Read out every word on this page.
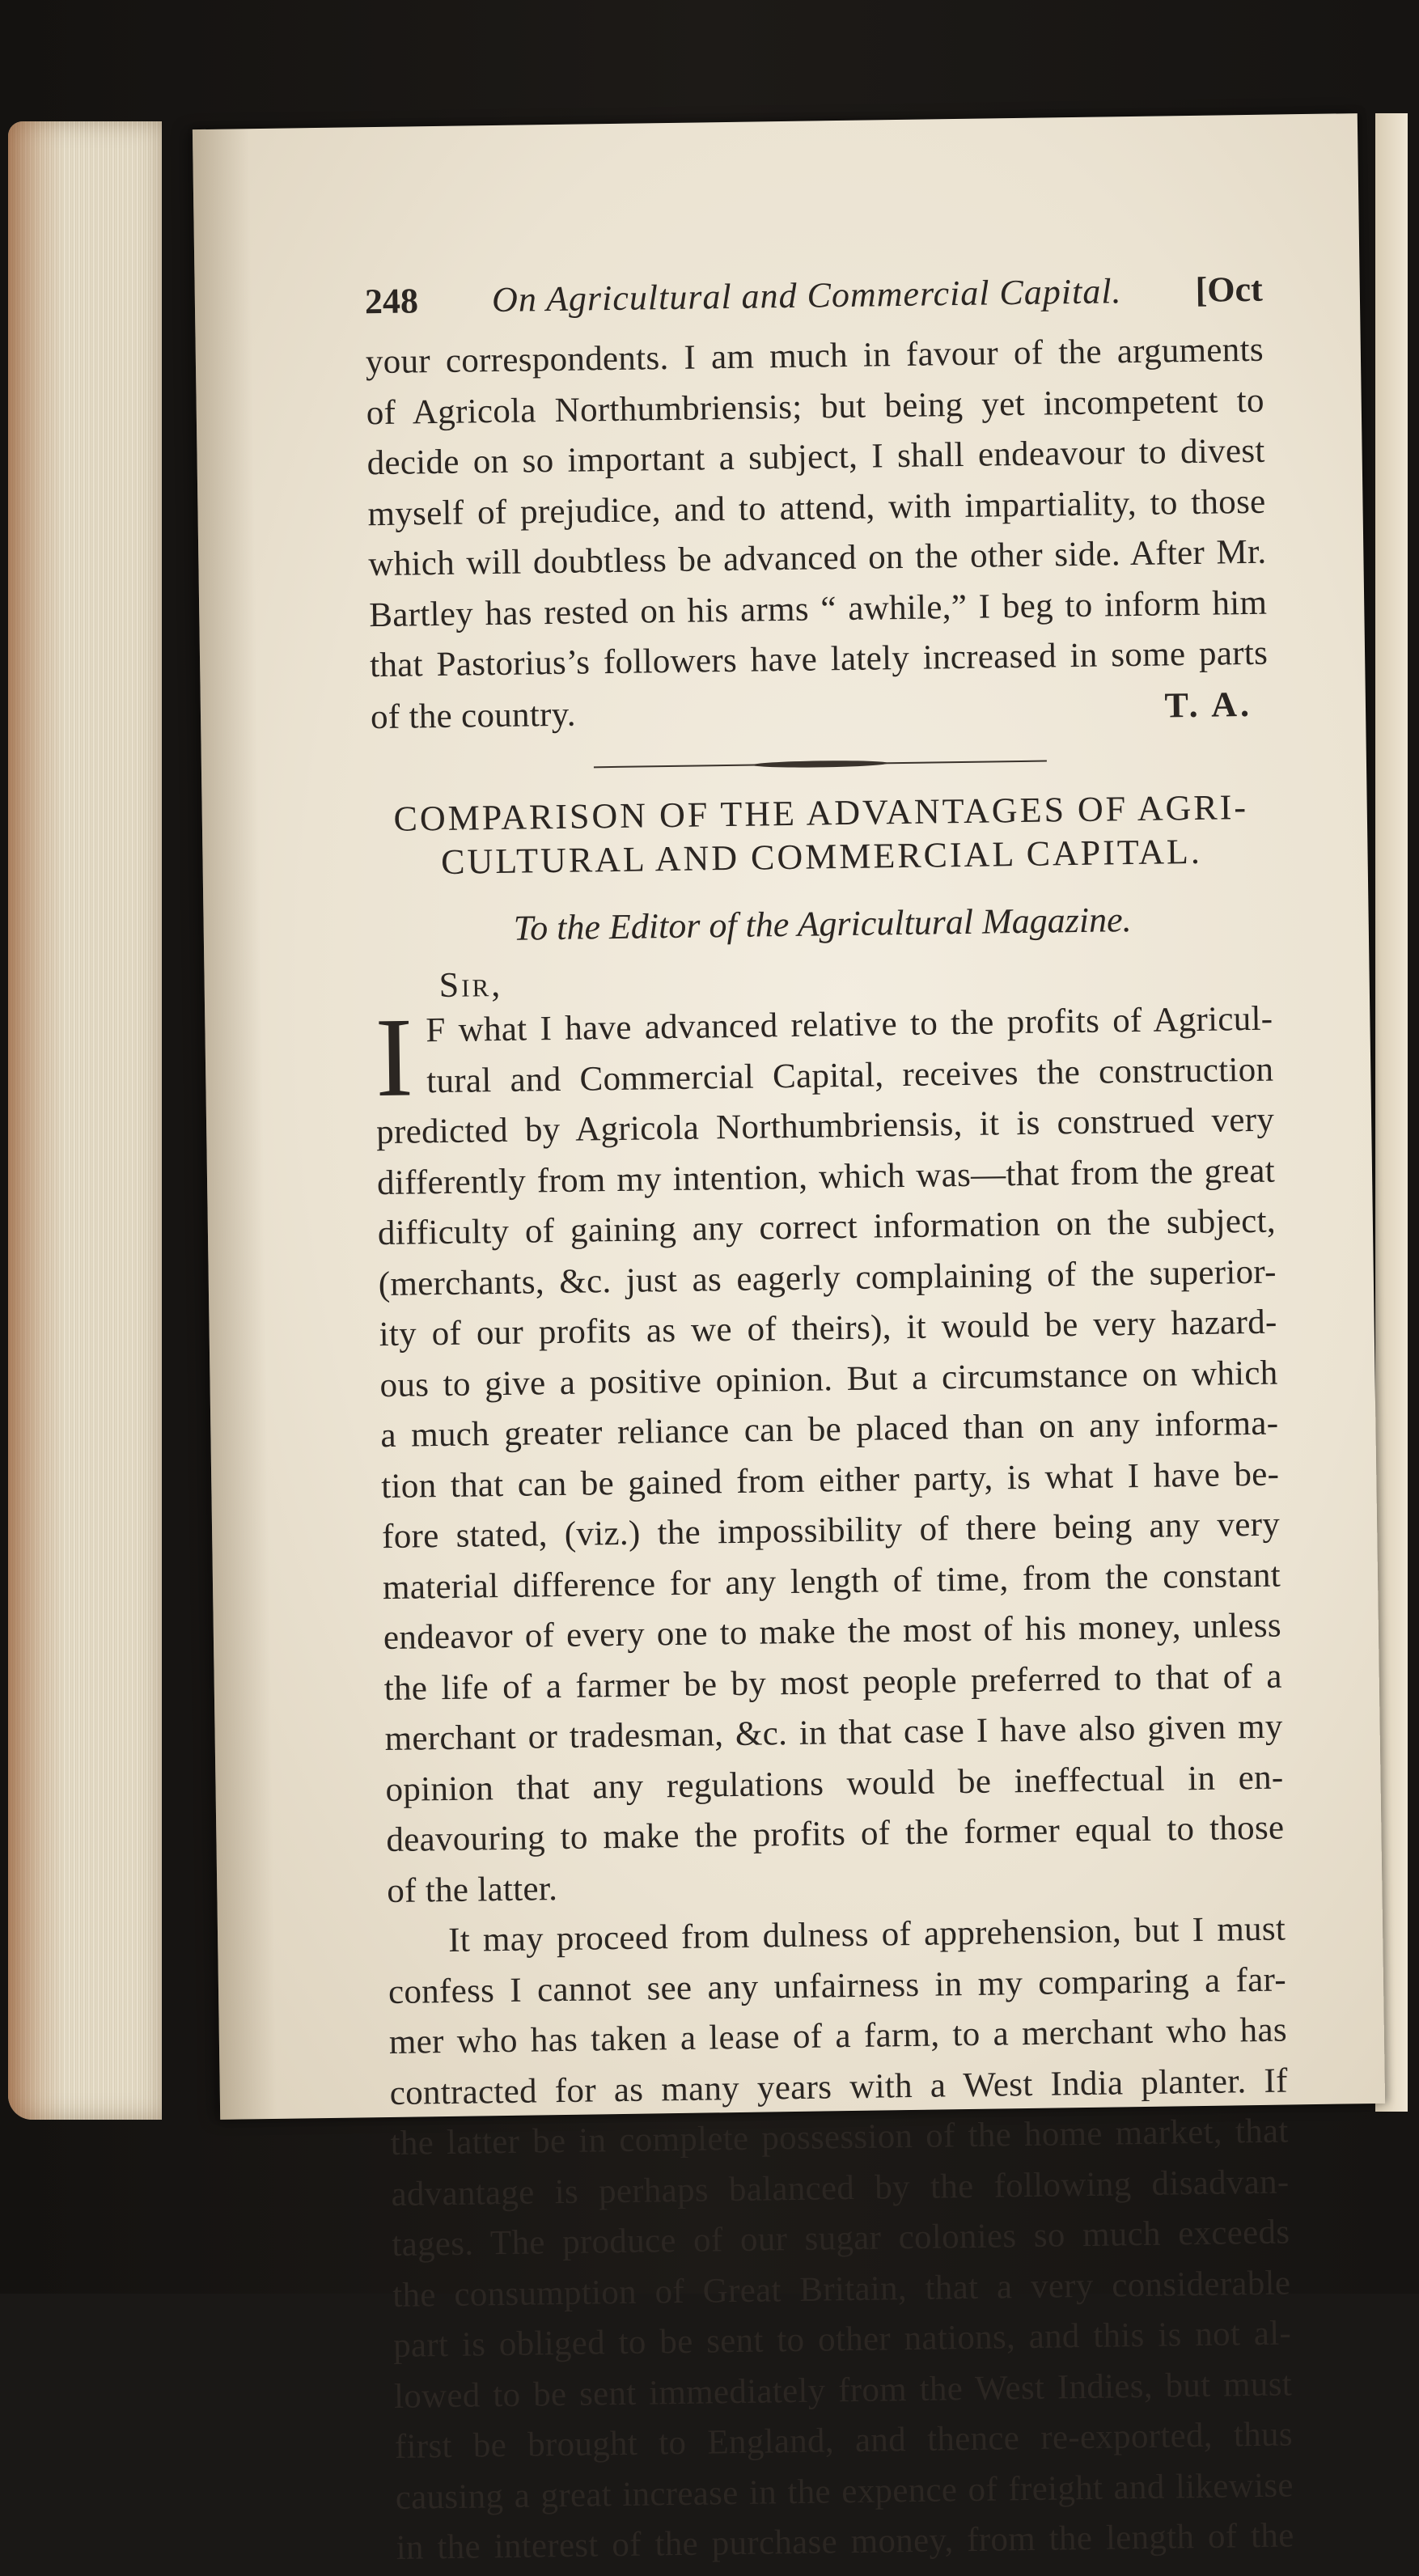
248 On Agricultural and Commercial Capital. [Oct
your correspondents. I am much in favour of the arguments
of Agricola Northumbriensis; but being yet incompetent to
decide on so important a subject, I shall endeavour to divest
myself of prejudice, and to attend, with impartiality, to those
which will doubtless be advanced on the other side. After Mr.
Bartley has rested on his arms “ awhile,” I beg to inform him
that Pastorius’s followers have lately increased in some parts
of the country.	T. A.
COMPARISON OF THE ADVANTAGES OF AGRI-
CULTURAL AND COMMERCIAL CAPITAL.
To the Editor of the Agricultural Magazine.
Sir,
I F what I have advanced relative to the profits of Agricul-
tural and Commercial Capital, receives the construction
predicted by Agricola Northumbriensis, it is construed very
differently from my intention, which was—that from the great
difficulty of gaining any correct information on the subject,
(merchants, &c. just as eagerly complaining of the superior-
ity of our profits as we of theirs), it would be very hazard-
ous to give a positive opinion. But a circumstance on which
a much greater reliance can be placed than on any informa-
tion that can be gained from either party, is what I have be-
fore stated, (viz.) the impossibility of there being any very
material difference for any length of time, from the constant
endeavor of every one to make the most of his money, unless
the life of a farmer be by most people preferred to that of a
merchant or tradesman, &c. in that case I have also given my
opinion that any regulations would be ineffectual in en-
deavouring to make the profits of the former equal to those
of the latter.
It may proceed from dulness of apprehension, but I must
confess I cannot see any unfairness in my comparing a far-
mer who has taken a lease of a farm, to a merchant who has
contracted for as many years with a West India planter. If
the latter be in complete possession of the home market, that
advantage is perhaps balanced by the following disadvan-
tages. The produce of our sugar colonies so much exceeds
the consumption of Great Britain, that a very considerable
part is obliged to be sent to other nations, and this is not al-
lowed to be sent immediately from the West Indies, but must
first be brought to England, and thence re-exported, thus
causing a great increase in the expence of freight and likewise
in the interest of the purchase money, from the length of the
